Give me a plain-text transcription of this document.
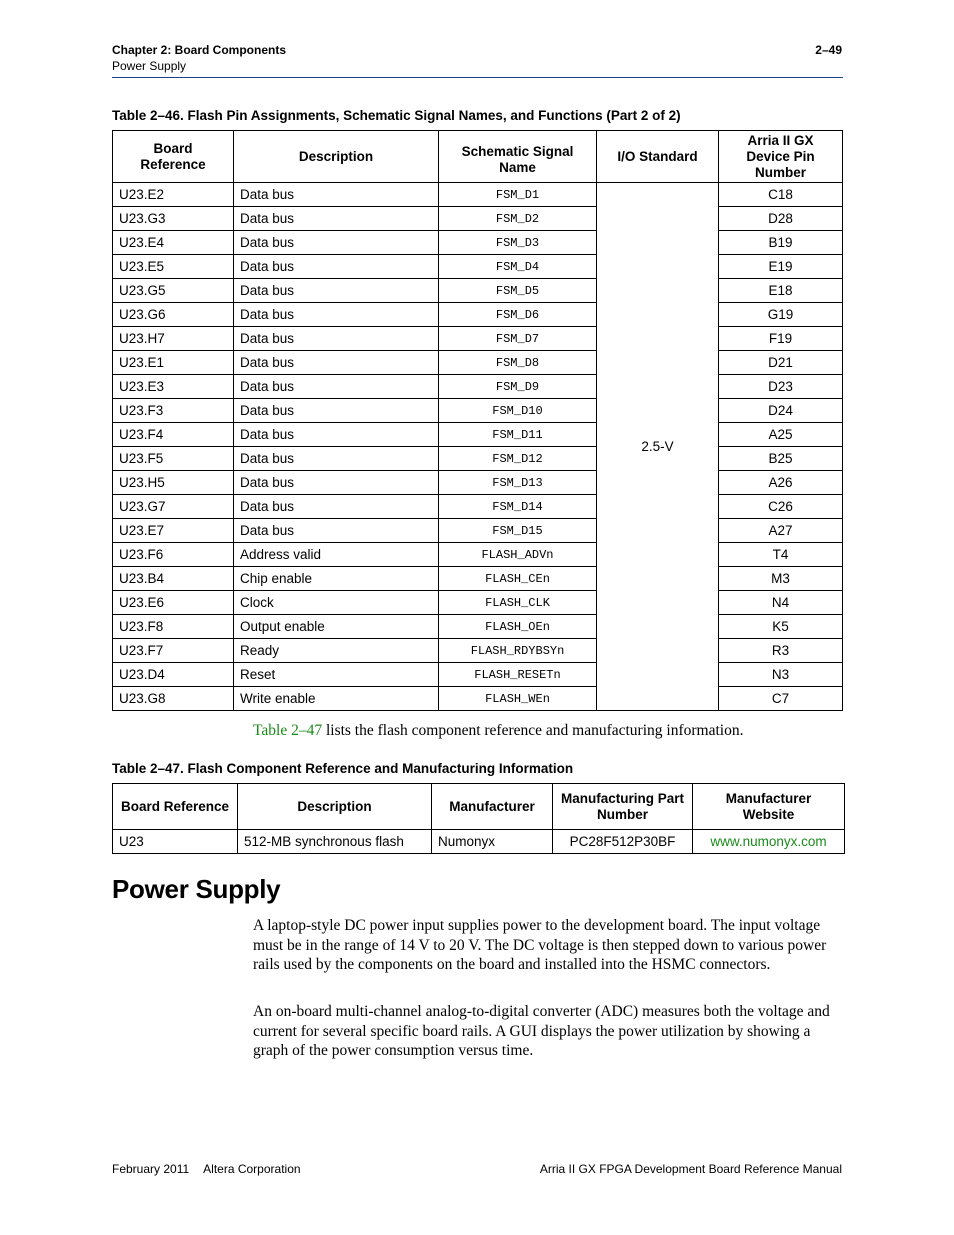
Chapter 2: Board Components
Power Supply
2–49
Table 2–46. Flash Pin Assignments, Schematic Signal Names, and Functions (Part 2 of 2)
Board Reference	Description	Schematic Signal Name	I/O Standard	Arria II GX Device Pin Number
U23.E2	Data bus	FSM_D1	2.5-V	C18
U23.G3	Data bus	FSM_D2		D28
U23.E4	Data bus	FSM_D3		B19
U23.E5	Data bus	FSM_D4		E19
U23.G5	Data bus	FSM_D5		E18
U23.G6	Data bus	FSM_D6		G19
U23.H7	Data bus	FSM_D7		F19
U23.E1	Data bus	FSM_D8		D21
U23.E3	Data bus	FSM_D9		D23
U23.F3	Data bus	FSM_D10		D24
U23.F4	Data bus	FSM_D11		A25
U23.F5	Data bus	FSM_D12		B25
U23.H5	Data bus	FSM_D13		A26
U23.G7	Data bus	FSM_D14		C26
U23.E7	Data bus	FSM_D15		A27
U23.F6	Address valid	FLASH_ADVn		T4
U23.B4	Chip enable	FLASH_CEn		M3
U23.E6	Clock	FLASH_CLK		N4
U23.F8	Output enable	FLASH_OEn		K5
U23.F7	Ready	FLASH_RDYBSYn		R3
U23.D4	Reset	FLASH_RESETn		N3
U23.G8	Write enable	FLASH_WEn		C7
Table 2–47 lists the flash component reference and manufacturing information.
Table 2–47. Flash Component Reference and Manufacturing Information
Board Reference	Description	Manufacturer	Manufacturing Part Number	Manufacturer Website
U23	512-MB synchronous flash	Numonyx	PC28F512P30BF	www.numonyx.com
Power Supply

A laptop-style DC power input supplies power to the development board. The input voltage must be in the range of 14 V to 20 V. The DC voltage is then stepped down to various power rails used by the components on the board and installed into the HSMC connectors.

An on-board multi-channel analog-to-digital converter (ADC) measures both the voltage and current for several specific board rails. A GUI displays the power utilization by showing a graph of the power consumption versus time.

February 2011 Altera Corporation	Arria II GX FPGA Development Board Reference Manual
